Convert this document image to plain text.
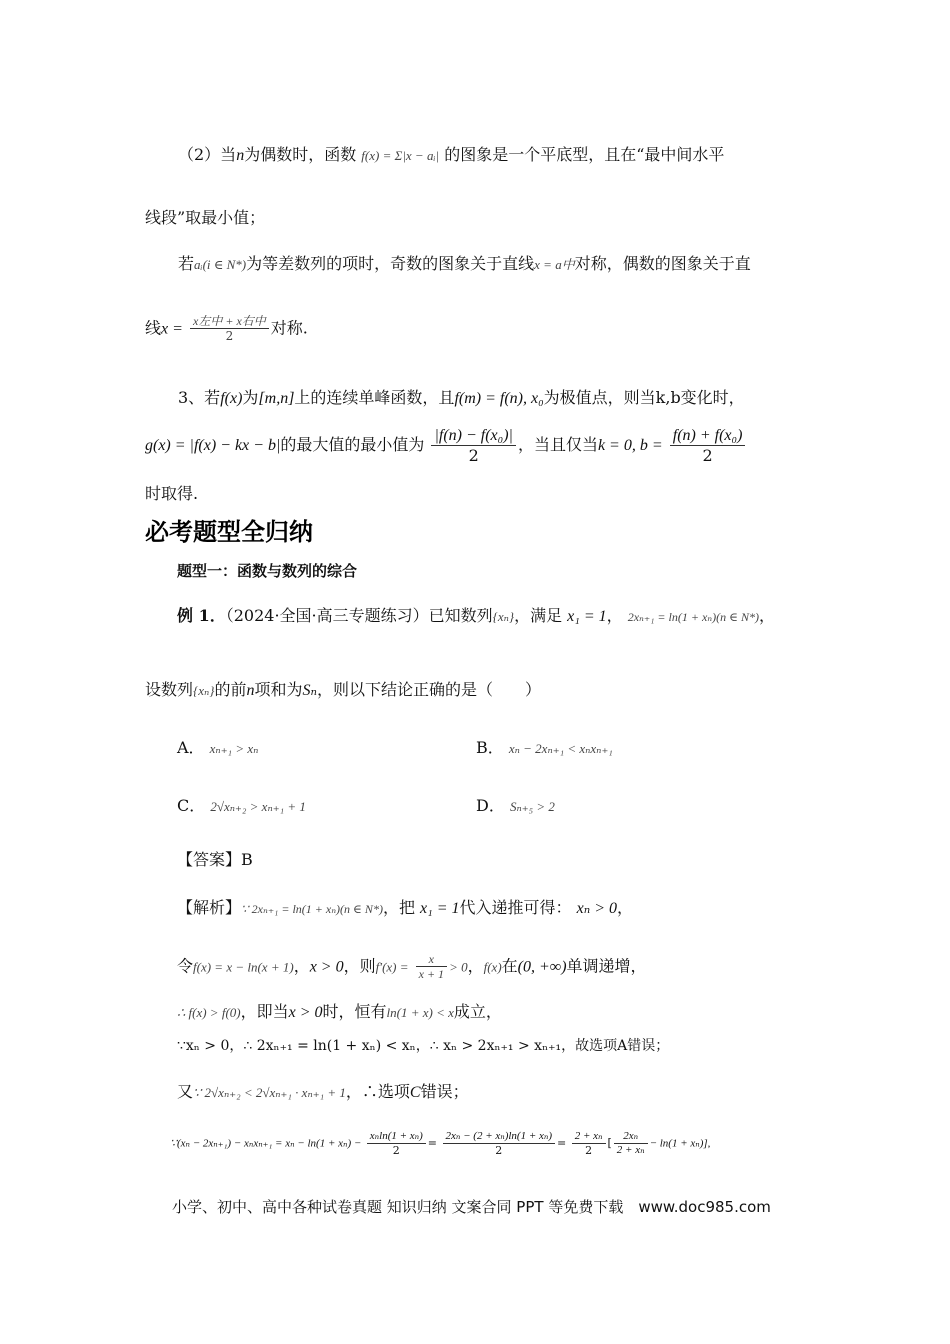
（2）当n为偶数时，函数 f(x) = Σ|x − aᵢ| 的图象是一个平底型，且在“最中间水平
线段”取最小值；
若aᵢ(i ∈ N*)为等差数列的项时，奇数的图象关于直线x = a中对称，偶数的图象关于直
线$x = \frac{\text{x左中 + x右中}}{2}$ 对称.
3、若f(x)为[m,n]上的连续单峰函数，且f(m) = f(n), x₀为极值点，则当k,b变化时，
g(x) = |f(x) − kx − b|的最大值的最小值为 $\frac{\text{|f(n) − f(x₀)|}}{2}$ ，当且仅当k = 0, $b = \frac{\text{f(n) + f(x₀)}}{2}$
时取得.
必考题型全归纳
题型一：函数与数列的综合
例 1．（2024·全国·高三专题练习）已知数列{xₙ}，满足 x₁ = 1， 2xₙ₊₁ = ln(1 + xₙ)(n ∈ N*)，
设数列{xₙ}的前n项和为Sₙ，则以下结论正确的是（　　）
A． xₙ₊₁ > xₙ	B． xₙ − 2xₙ₊₁ < xₙxₙ₊₁
C． 2√xₙ₊₂ > xₙ₊₁ + 1	D． Sₙ₊₅ > 2
【答案】B
【解析】∵ 2xₙ₊₁ = ln(1 + xₙ)(n ∈ N*)，把 x₁ = 1代入递推可得： xₙ > 0，
令f(x) = x − ln(x + 1)，x > 0，则$f'(x) = \frac{x}{x + 1} > 0$，f(x)在(0, +∞)单调递增，
∴ f(x) > f(0)，即当x > 0时，恒有ln(1 + x) < x成立，
∵xₙ > 0，∴ 2xₙ₊₁ = ln(1 + xₙ) < xₙ，∴ xₙ > 2xₙ₊₁ > xₙ₊₁，故选项A错误；
又∵ 2√xₙ₊₂ < 2√xₙ₊₁ · xₙ₊₁ + 1，∴选项C错误；
∵(xₙ − $2x_{n+1}) - x_nx_{n+1} = x_n - \ln(1 + x_n) - \frac{\text{xₙln(1 + xₙ)}}{2} = \frac{\text{2xₙ − (2 + xₙ)ln(1 + xₙ)}}{2} = \frac{\text{2 + xₙ}}{2}$ [ $\frac{\text{2xₙ}}{\text{2 + xₙ}} - \ln(1 + x_n)$],
小学、初中、高中各种试卷真题 知识归纳 文案合同 PPT 等免费下载　www.doc985.com
